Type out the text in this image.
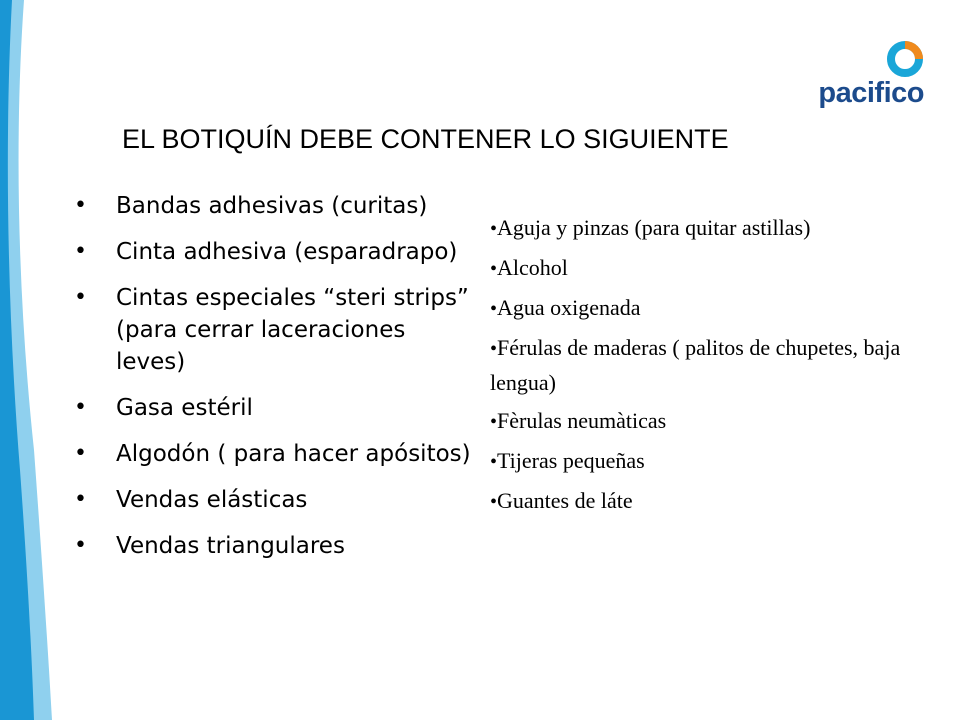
pacifico
EL BOTIQUÍN DEBE CONTENER LO SIGUIENTE
•	Bandas adhesivas (curitas)
•	Cinta adhesiva (esparadrapo)
•	Cintas especiales “steri strips” (para cerrar laceraciones leves)
•	Gasa estéril
•	Algodón ( para hacer apósitos)
•	Vendas elásticas
•	Vendas triangulares
•Aguja y pinzas (para quitar astillas)
•Alcohol
•Agua oxigenada
•Férulas de maderas ( palitos de chupetes, baja lengua)
•Fèrulas neumàticas
•Tijeras pequeñas
•Guantes de láte
